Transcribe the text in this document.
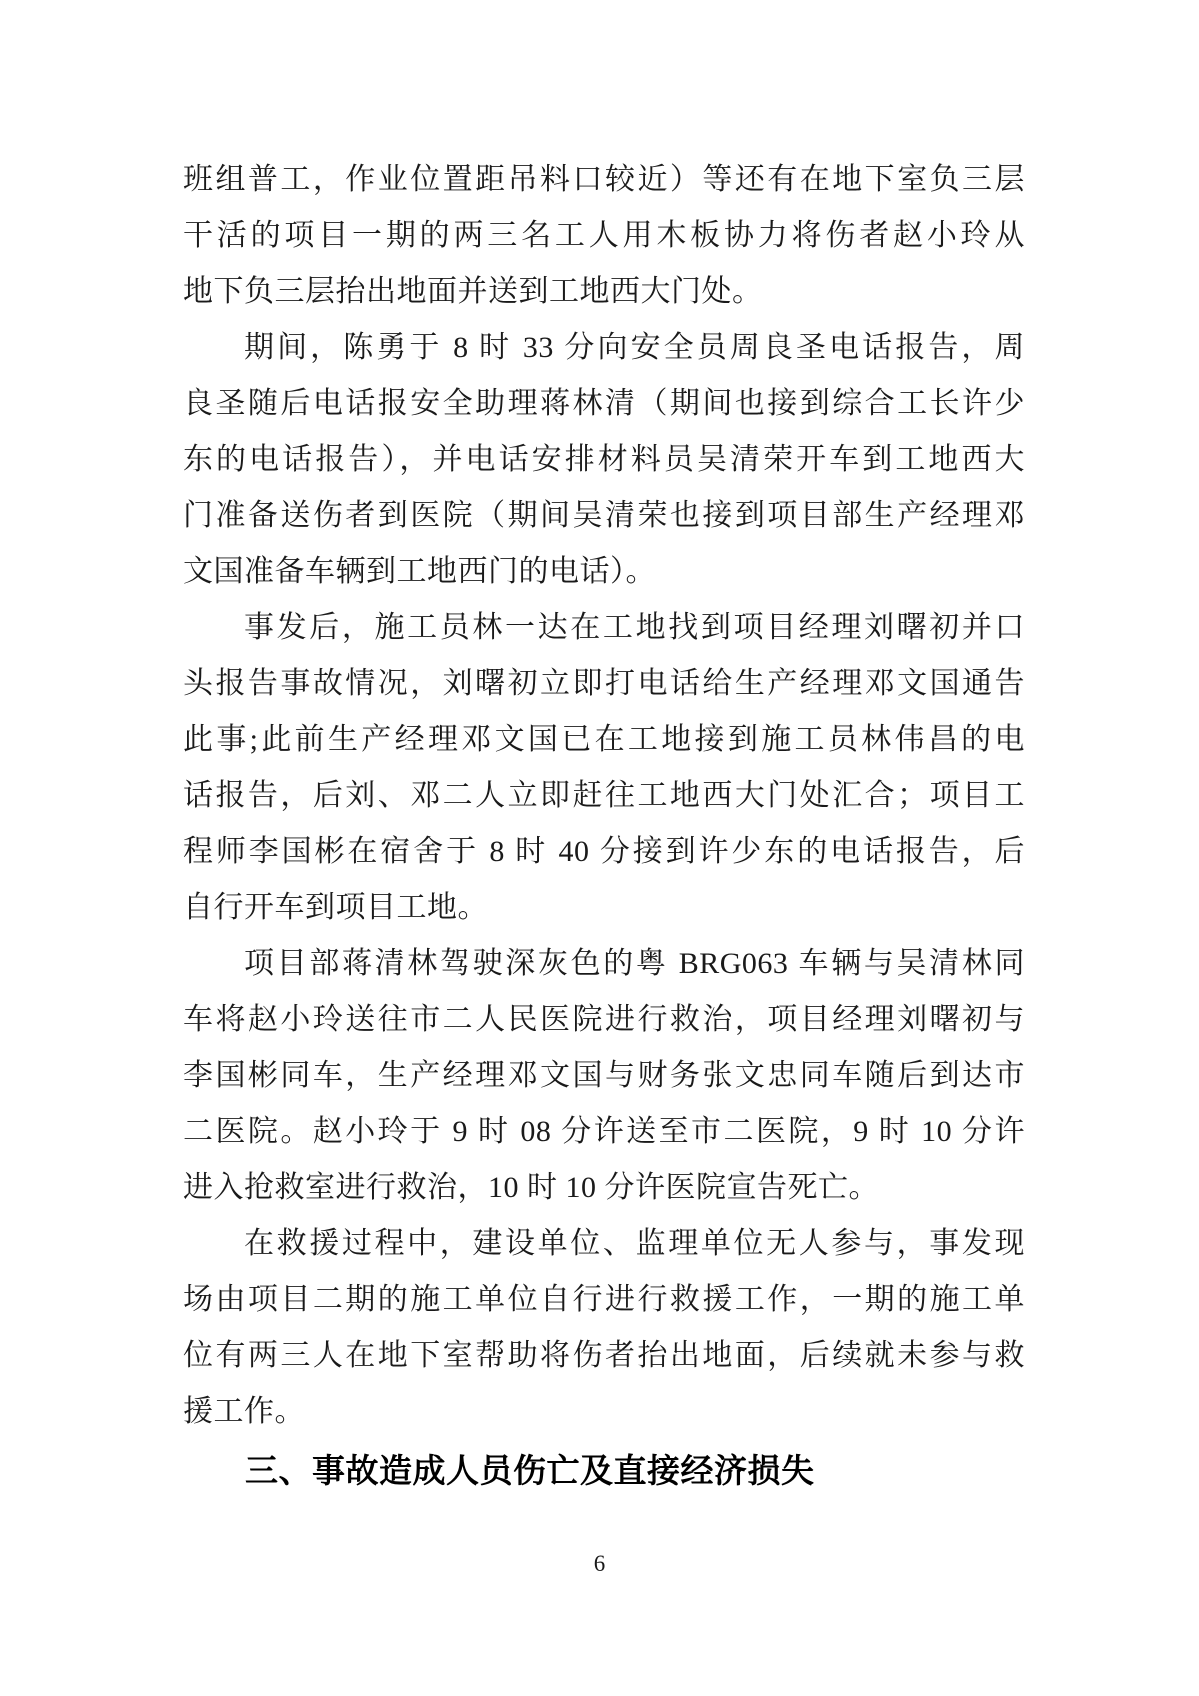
班组普工，作业位置距吊料口较近）等还有在地下室负三层
干活的项目一期的两三名工人用木板协力将伤者赵小玲从
地下负三层抬出地面并送到工地西大门处。
期间，陈勇于 8 时 33 分向安全员周良圣电话报告，周
良圣随后电话报安全助理蒋林清（期间也接到综合工长许少
东的电话报告），并电话安排材料员吴清荣开车到工地西大
门准备送伤者到医院（期间吴清荣也接到项目部生产经理邓
文国准备车辆到工地西门的电话）。
事发后，施工员林一达在工地找到项目经理刘曙初并口
头报告事故情况，刘曙初立即打电话给生产经理邓文国通告
此事;此前生产经理邓文国已在工地接到施工员林伟昌的电
话报告，后刘、邓二人立即赶往工地西大门处汇合；项目工
程师李国彬在宿舍于 8 时 40 分接到许少东的电话报告，后
自行开车到项目工地。
项目部蒋清林驾驶深灰色的粤 BRG063 车辆与吴清林同
车将赵小玲送往市二人民医院进行救治，项目经理刘曙初与
李国彬同车，生产经理邓文国与财务张文忠同车随后到达市
二医院。赵小玲于 9 时 08 分许送至市二医院，9 时 10 分许
进入抢救室进行救治，10 时 10 分许医院宣告死亡。
在救援过程中，建设单位、监理单位无人参与，事发现
场由项目二期的施工单位自行进行救援工作，一期的施工单
位有两三人在地下室帮助将伤者抬出地面，后续就未参与救
援工作。
三、事故造成人员伤亡及直接经济损失
6
